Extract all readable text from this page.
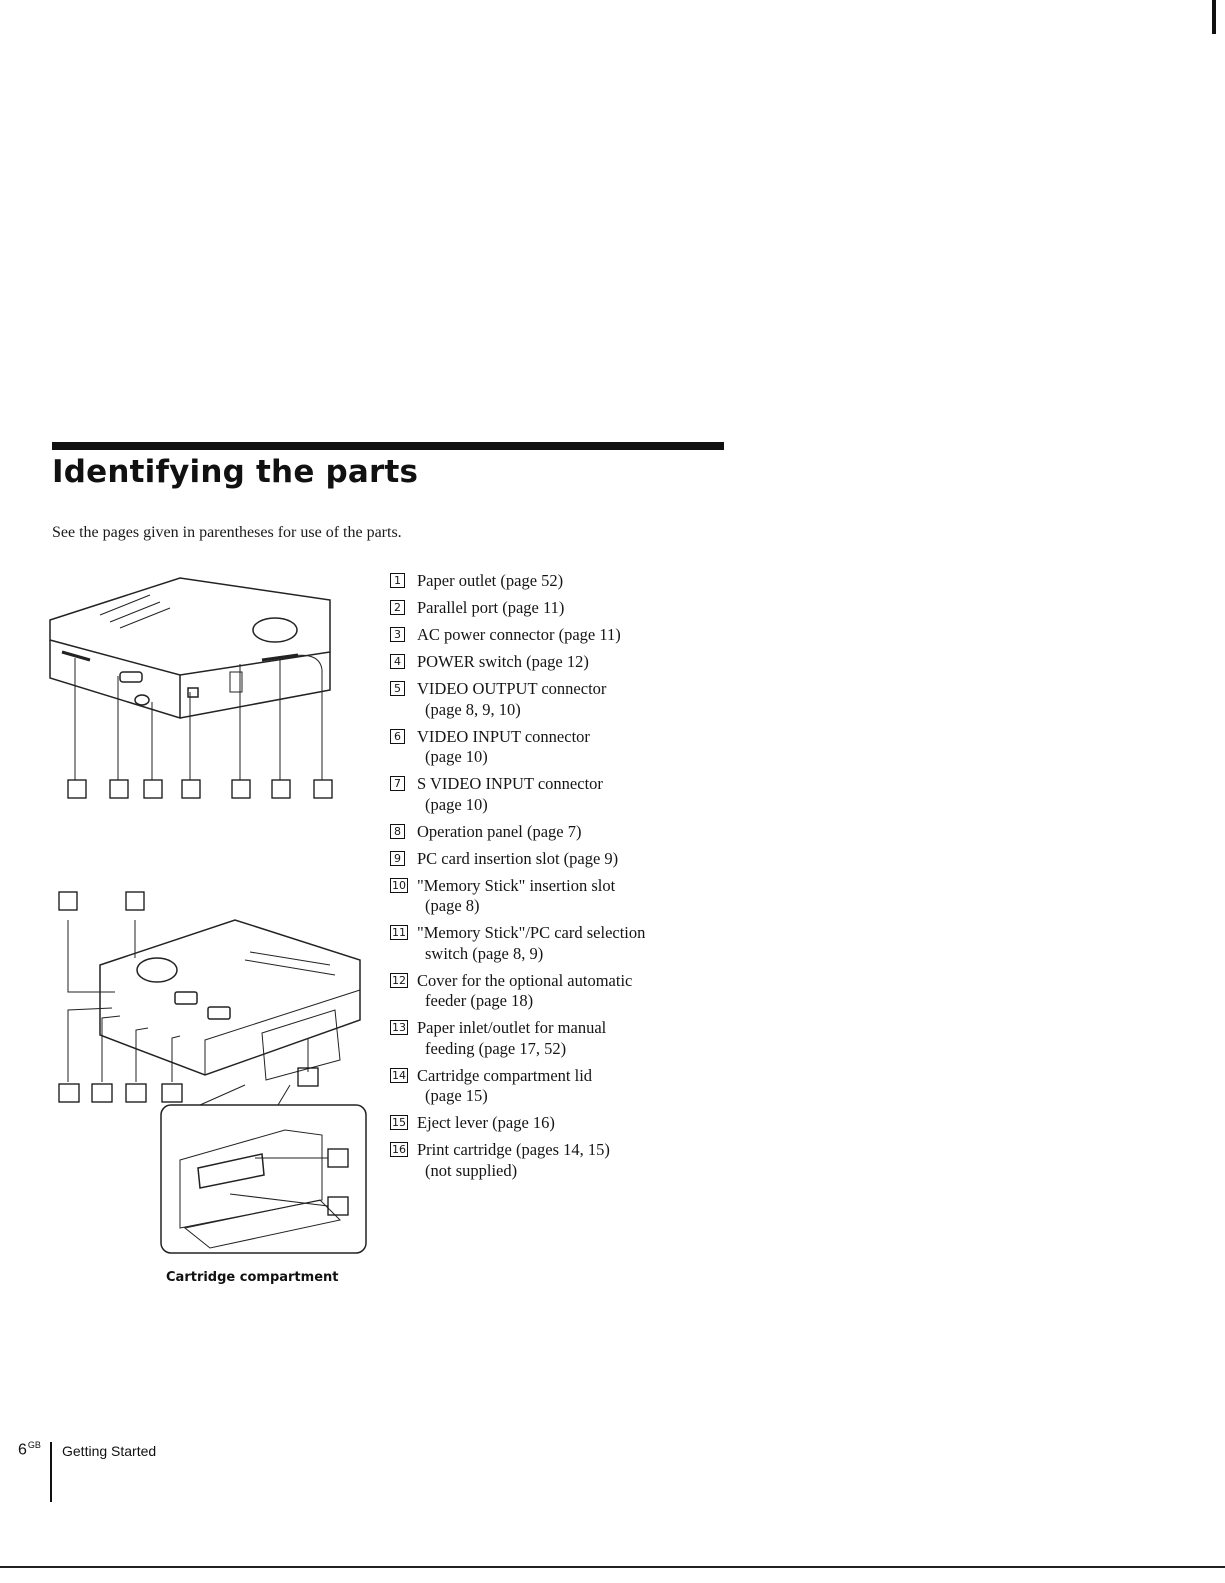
Identifying the parts
See the pages given in parentheses for use of the parts.
1 Paper outlet (page 52)
2 Parallel port (page 11)
3 AC power connector (page 11)
4 POWER switch (page 12)
5 VIDEO OUTPUT connector
(page 8, 9, 10)
6 VIDEO INPUT connector
(page 10)
7 S VIDEO INPUT connector
(page 10)
8 Operation panel (page 7)
9 PC card insertion slot (page 9)
10 "Memory Stick" insertion slot
(page 8)
11 "Memory Stick"/PC card selection
switch (page 8, 9)
12 Cover for the optional automatic
feeder (page 18)
13 Paper inlet/outlet for manual
feeding (page 17, 52)
14 Cartridge compartment lid
(page 15)
15 Eject lever (page 16)
16 Print cartridge (pages 14, 15)
(not supplied)
Cartridge compartment
$6^{GB}$ Getting Started
